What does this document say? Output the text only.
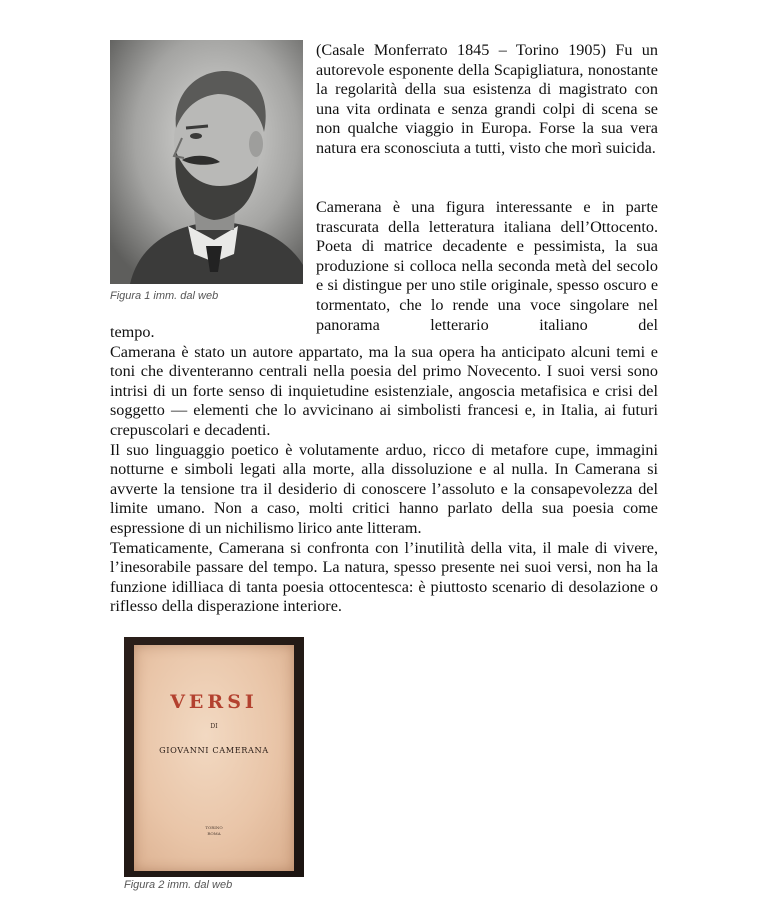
Figura 1 imm. dal web

(Casale Monferrato 1845 – Torino 1905) Fu un autorevole esponente della Scapigliatura, nonostante la regolarità della sua esistenza di magistrato con una vita ordinata e senza grandi colpi di scena se non qualche viaggio in Europa. Forse la sua vera natura era sconosciuta a tutti, visto che morì suicida.

Camerana è una figura interessante e in parte trascurata della letteratura italiana dell’Ottocento. Poeta di matrice decadente e pessimista, la sua produzione si colloca nella seconda metà del secolo e si distingue per uno stile originale, spesso oscuro e tormentato, che lo rende una voce singolare nel panorama letterario italiano del

tempo.

Camerana è stato un autore appartato, ma la sua opera ha anticipato alcuni temi e toni che diventeranno centrali nella poesia del primo Novecento. I suoi versi sono intrisi di un forte senso di inquietudine esistenziale, angoscia metafisica e crisi del soggetto — elementi che lo avvicinano ai simbolisti francesi e, in Italia, ai futuri crepuscolari e decadenti.

Il suo linguaggio poetico è volutamente arduo, ricco di metafore cupe, immagini notturne e simboli legati alla morte, alla dissoluzione e al nulla. In Camerana si avverte la tensione tra il desiderio di conoscere l’assoluto e la consapevolezza del limite umano. Non a caso, molti critici hanno parlato della sua poesia come espressione di un nichilismo lirico ante litteram.

Tematicamente, Camerana si confronta con l’inutilità della vita, il male di vivere, l’inesorabile passare del tempo. La natura, spesso presente nei suoi versi, non ha la funzione idilliaca di tanta poesia ottocentesca: è piuttosto scenario di desolazione o riflesso della disperazione interiore.

VERSI
DI
GIOVANNI CAMERANA
TORINO
ROMA
Figura 2 imm. dal web
